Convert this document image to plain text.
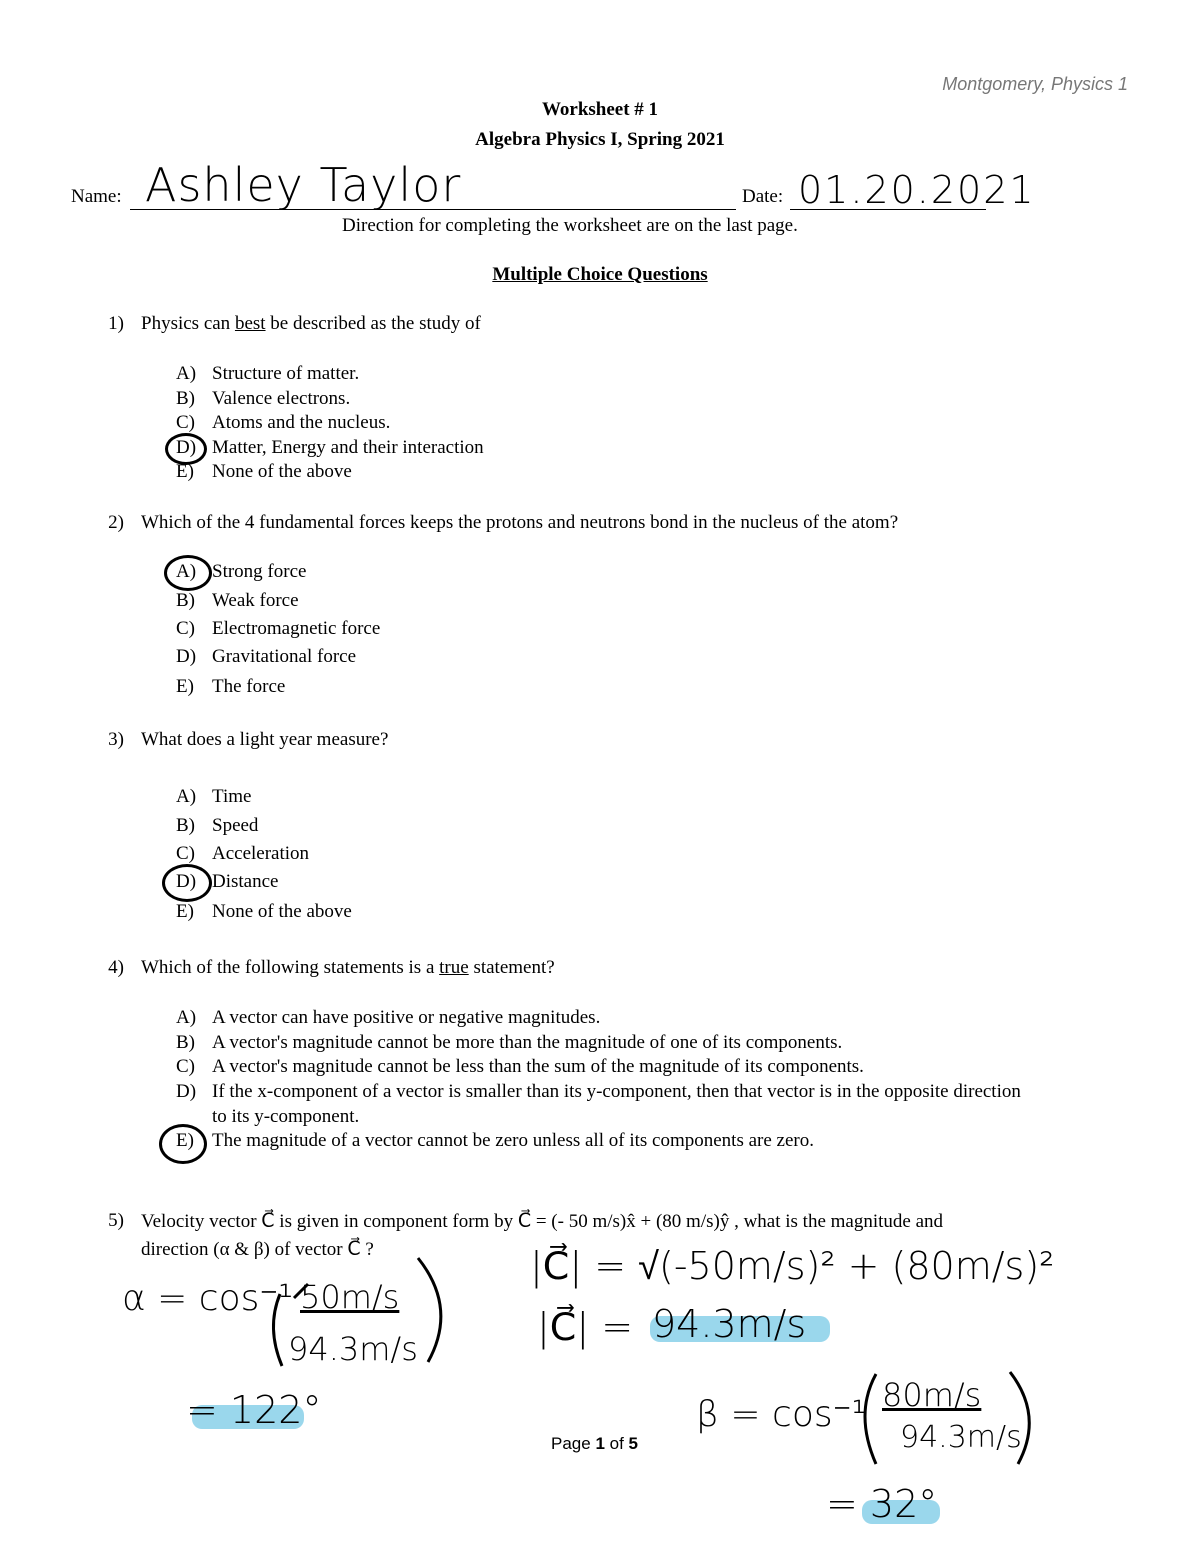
Montgomery, Physics 1
Worksheet # 1
Algebra Physics I, Spring 2021
Name: Ashley Taylor	Date: 01.20.2021
Direction for completing the worksheet are on the last page.
Multiple Choice Questions
1) Physics can best be described as the study of
A) Structure of matter.
B) Valence electrons.
C) Atoms and the nucleus.
D) Matter, Energy and their interaction
E) None of the above
2) Which of the 4 fundamental forces keeps the protons and neutrons bond in the nucleus of the atom?
A) Strong force
B) Weak force
C) Electromagnetic force
D) Gravitational force
E) The force
3) What does a light year measure?
A) Time
B) Speed
C) Acceleration
D) Distance
E) None of the above
4) Which of the following statements is a true statement?
A) A vector can have positive or negative magnitudes.
B) A vector's magnitude cannot be more than the magnitude of one of its components.
C) A vector's magnitude cannot be less than the sum of the magnitude of its components.
D) If the x-component of a vector is smaller than its y-component, then that vector is in the opposite direction
to its y-component.
E) The magnitude of a vector cannot be zero unless all of its components are zero.
5) Velocity vector C⃗ is given in component form by C⃗ = (- 50 m/s)x̂ + (80 m/s)ŷ , what is the magnitude and
direction (α & β) of vector C⃗ ?	|C⃗| = √(-50m/s)² + (80m/s)²
|C⃗| = 94.3m/s
α = cos⁻¹ 50m/s
94.3m/s
= 122°	β = cos⁻¹ 80m/s
94.3m/s
= 32°
Page 1 of 5
